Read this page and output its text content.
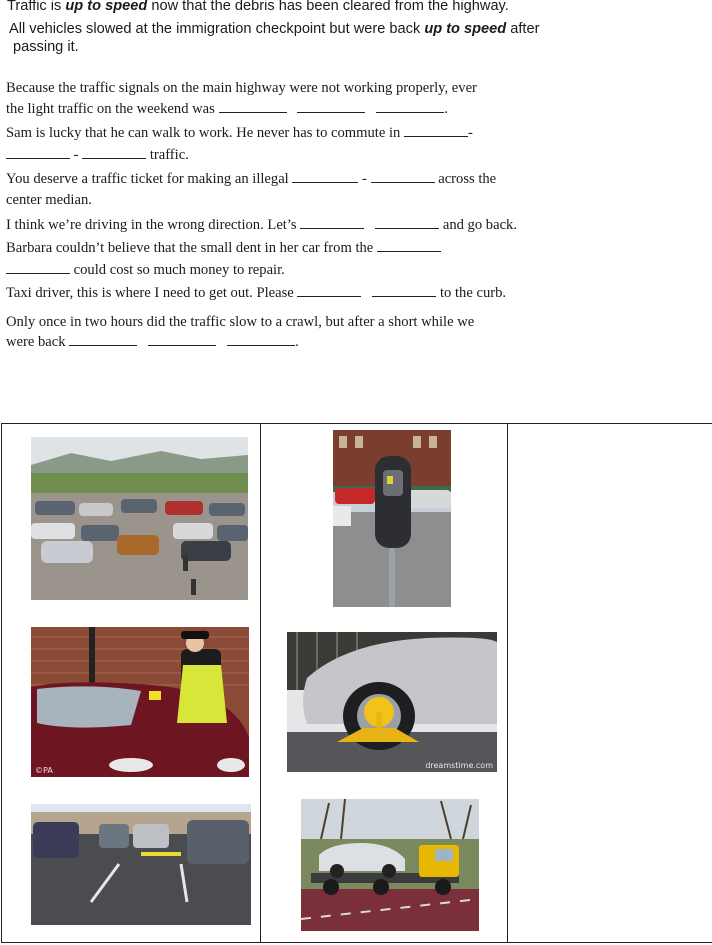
Traffic is up to speed now that the debris has been cleared from the highway.
All vehicles slowed at the immigration checkpoint but were back up to speed after
passing it.
Because the traffic signals on the main highway were not working properly, ever
the light traffic on the weekend was	.
Sam is lucky that he can walk to work. He never has to commute in	-
-	traffic.
You deserve a traffic ticket for making an illegal	-	across the
center median.
I think we’re driving in the wrong direction. Let’s	and go back.
Barbara couldn’t believe that the small dent in her car from the
could cost so much money to repair.
Taxi driver, this is where I need to get out. Please	to the curb.
Only once in two hours did the traffic slow to a crawl, but after a short while we
were back	.
©PA

dreamstime.com
